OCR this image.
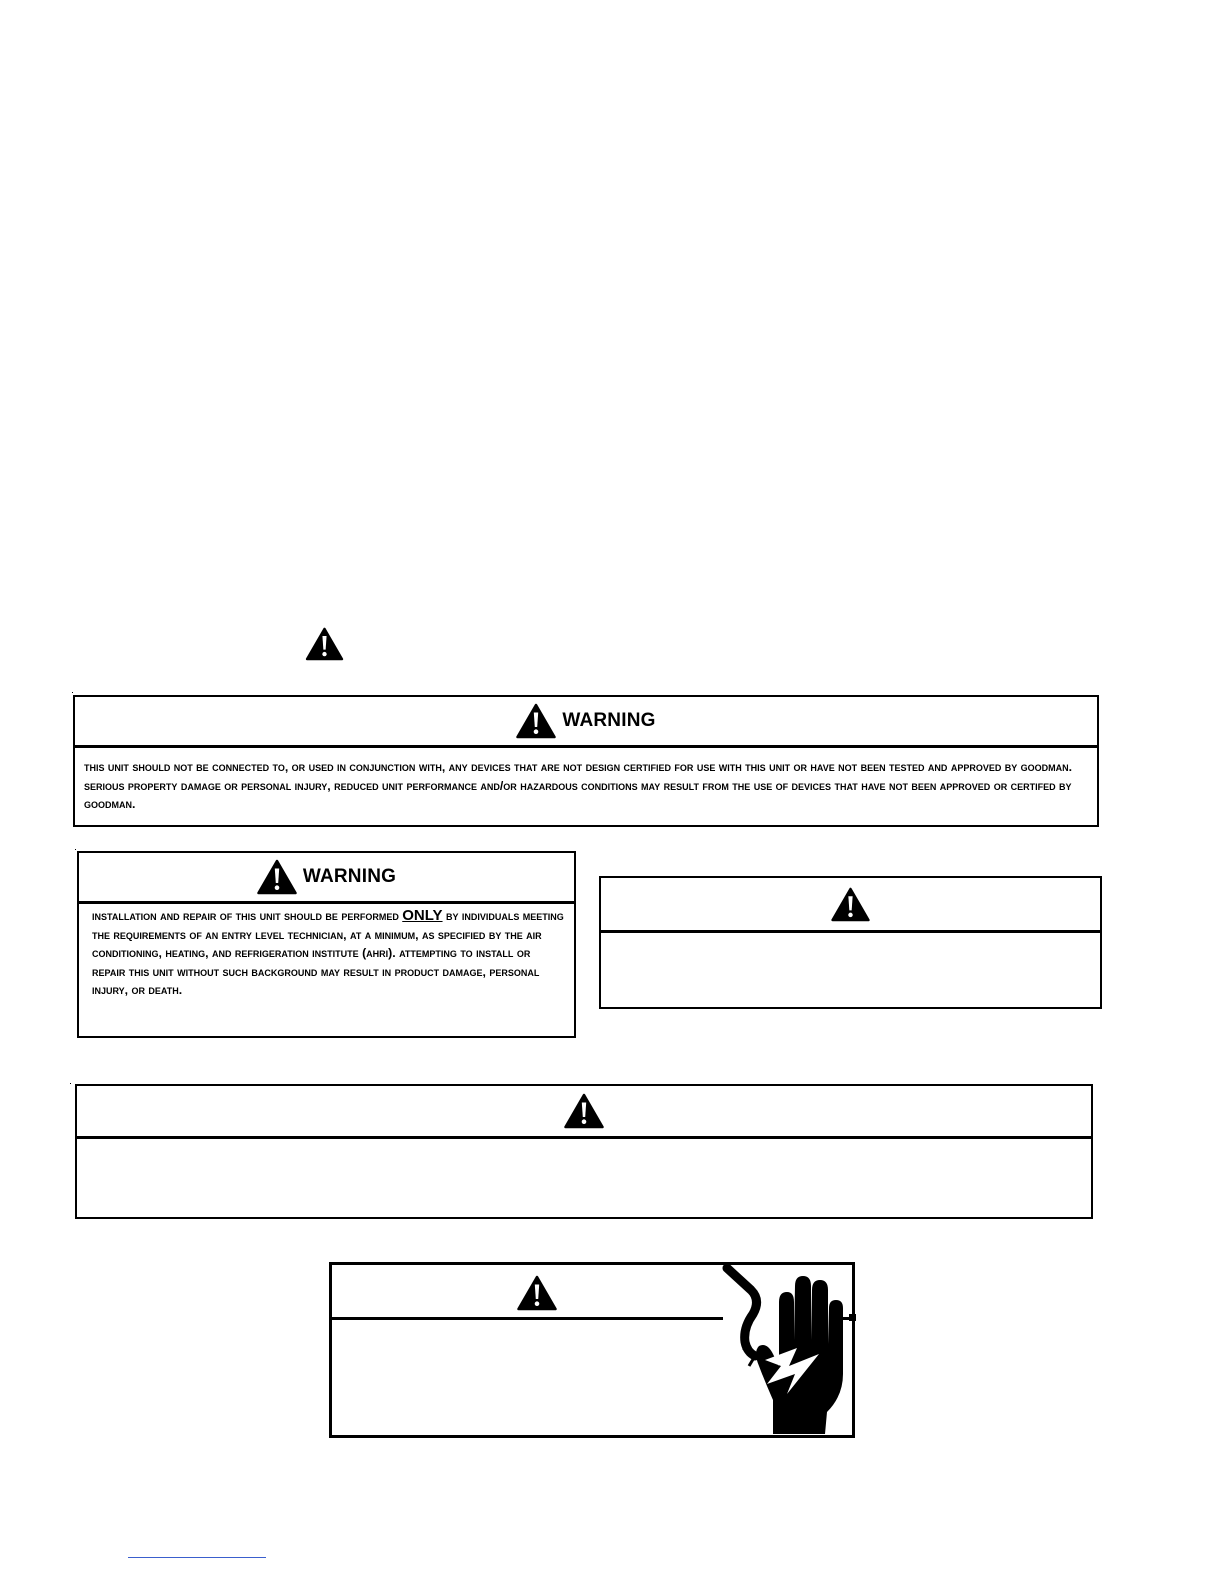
WARNING
this unit should not be connected to, or used in conjunction with, any devices that are not design certified for use with this unit or have not been tested and approved by goodman. serious property damage or personal injury, reduced unit performance and/or hazardous conditions may result from the use of devices that have not been approved or certifed by goodman.
WARNING
installation and repair of this unit should be performed ONLY by individuals meeting the requirements of an entry level technician, at a minimum, as specified by the air conditioning, heating, and refrigeration institute (ahri). attempting to install or repair this unit without such background may result in product damage, personal injury, or death.
